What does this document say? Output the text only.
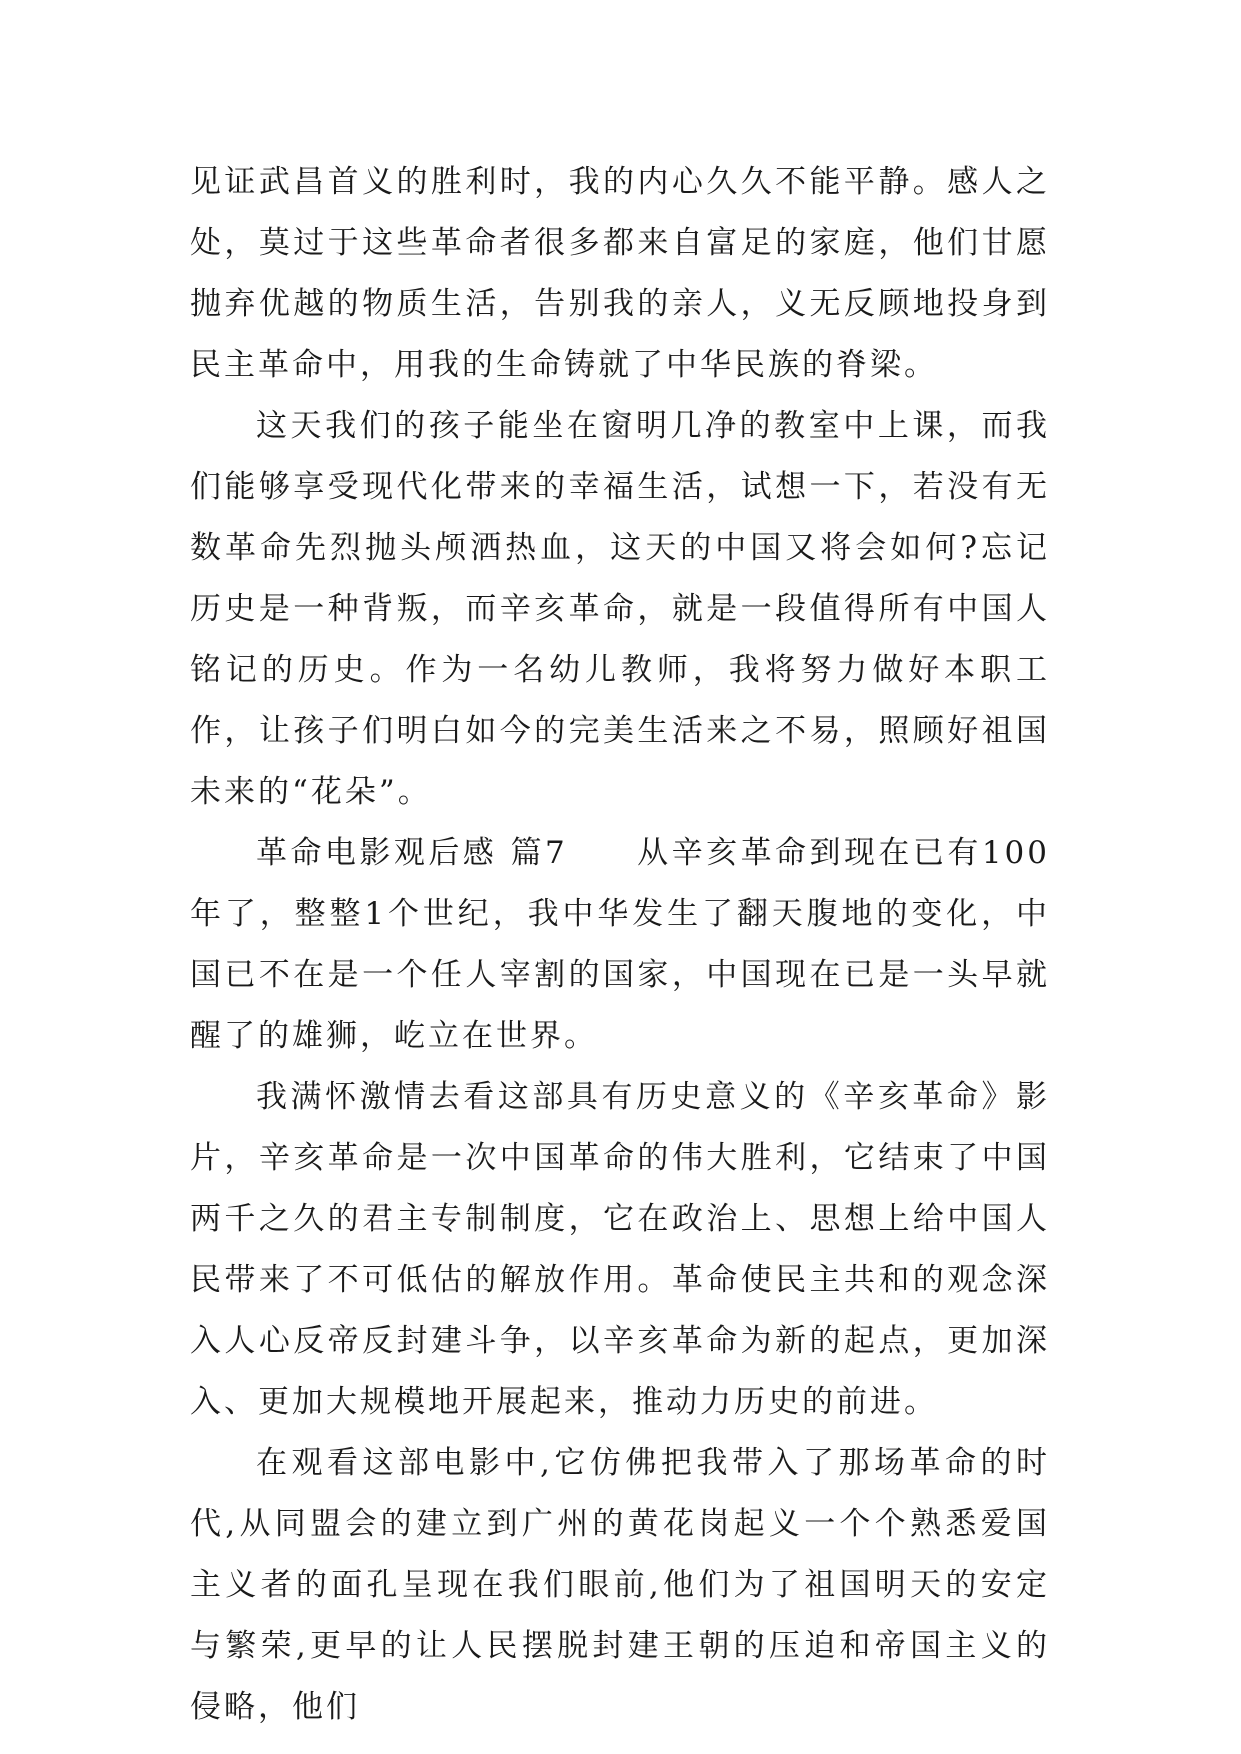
见证武昌首义的胜利时，我的内心久久不能平静。感人之处，莫过于这些革命者很多都来自富足的家庭，他们甘愿抛弃优越的物质生活，告别我的亲人，义无反顾地投身到民主革命中，用我的生命铸就了中华民族的脊梁。

这天我们的孩子能坐在窗明几净的教室中上课，而我们能够享受现代化带来的幸福生活，试想一下，若没有无数革命先烈抛头颅洒热血，这天的中国又将会如何?忘记历史是一种背叛，而辛亥革命，就是一段值得所有中国人铭记的历史。作为一名幼儿教师，我将努力做好本职工作，让孩子们明白如今的完美生活来之不易，照顾好祖国未来的“花朵”。

革命电影观后感 篇7　　从辛亥革命到现在已有100年了，整整1个世纪，我中华发生了翻天腹地的变化，中国已不在是一个任人宰割的国家，中国现在已是一头早就醒了的雄狮，屹立在世界。

我满怀激情去看这部具有历史意义的《辛亥革命》影片，辛亥革命是一次中国革命的伟大胜利，它结束了中国两千之久的君主专制制度，它在政治上、思想上给中国人民带来了不可低估的解放作用。革命使民主共和的观念深入人心反帝反封建斗争，以辛亥革命为新的起点，更加深入、更加大规模地开展起来，推动力历史的前进。

在观看这部电影中,它仿佛把我带入了那场革命的时代,从同盟会的建立到广州的黄花岗起义一个个熟悉爱国主义者的面孔呈现在我们眼前,他们为了祖国明天的安定与繁荣,更早的让人民摆脱封建王朝的压迫和帝国主义的侵略，他们
